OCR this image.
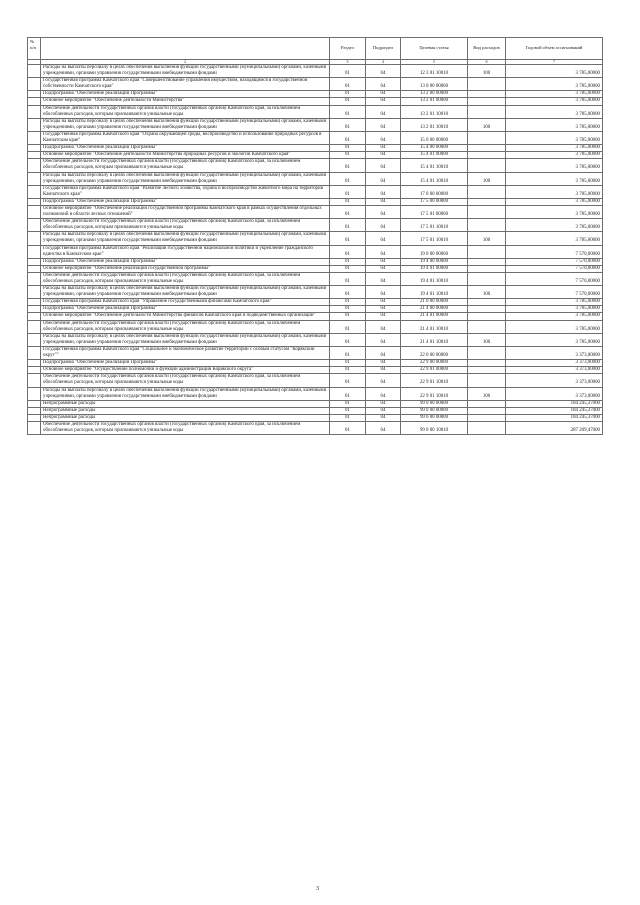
№ п/п		Раздел	Подраздел	Целевая статья	Вид расходов	Годовой объем ассигнований
	2	3	4	5	6	7
	Расходы на выплаты персоналу в целях обеспечения выполнения функций государственными (муниципальными) органами, казенными учреждениями, органами управления государственными внебюджетными фондами	01	04	12 3 01 10010	100	3 785,00000
	Государственная программа Камчатского края "Совершенствование управления имуществом, находящимся в государственной собственности Камчатского края"	01	04	13 0 00 00000		3 785,00000
	Подпрограмма "Обеспечение реализации Программы"	01	04	13 2 00 00000		3 785,00000
	Основное мероприятие "Обеспечение деятельности Министерства"	01	04	13 2 01 00000		3 785,00000
	Обеспечение деятельности государственных органов власти (государственных органов) Камчатского края, за исключением обособленных расходов, которым присваиваются уникальные коды	01	04	13 2 01 10010		3 785,00000
	Расходы на выплаты персоналу в целях обеспечения выполнения функций государственными (муниципальными) органами, казенными учреждениями, органами управления государственными внебюджетными фондами	01	04	13 2 01 10010	100	3 785,00000
	Государственная программа Камчатского края "Охрана окружающей среды, воспроизводство и использование природных ресурсов в Камчатском крае"	01	04	15 0 00 00000		3 785,00000
	Подпрограмма "Обеспечение реализации Программы"	01	04	15 4 00 00000		3 785,00000
	Основное мероприятие "Обеспечение деятельности Министерства природных ресурсов и экологии Камчатского края"	01	04	15 4 01 00000		3 785,00000
	Обеспечение деятельности государственных органов власти (государственных органов) Камчатского края, за исключением обособленных расходов, которым присваиваются уникальные коды	01	04	15 4 01 10010		3 785,00000
	Расходы на выплаты персоналу в целях обеспечения выполнения функций государственными (муниципальными) органами, казенными учреждениями, органами управления государственными внебюджетными фондами	01	04	15 4 01 10010	100	3 785,00000
	Государственная программа Камчатского края "Развитие лесного хозяйства, охрана и воспроизводство животного мира на территории Камчатского края"	01	04	17 0 00 00000		3 785,00000
	Подпрограмма "Обеспечение реализации Программы"	01	04	17 5 00 00000		3 785,00000
	Основное мероприятие "Обеспечение реализации государственной программы Камчатского края в рамках осуществления отдельных полномочий в области лесных отношений"	01	04	17 5 01 00000		3 785,00000
	Обеспечение деятельности государственных органов власти (государственных органов) Камчатского края, за исключением обособленных расходов, которым присваиваются уникальные коды	01	04	17 5 01 10010		3 785,00000
	Расходы на выплаты персоналу в целях обеспечения выполнения функций государственными (муниципальными) органами, казенными учреждениями, органами управления государственными внебюджетными фондами	01	04	17 5 01 10010	100	3 785,00000
	Государственная программа Камчатского края "Реализация государственной национальной политики и укрепление гражданского единства в Камчатском крае"	01	04	19 0 00 00000		7 570,00000
	Подпрограмма "Обеспечение реализации Программы"	01	04	19 4 00 00000		7 570,00000
	Основное мероприятие "Обеспечение реализации государственной программы"	01	04	19 4 01 00000		7 570,00000
	Обеспечение деятельности государственных органов власти (государственных органов) Камчатского края, за исключением обособленных расходов, которым присваиваются уникальные коды	01	04	19 4 01 10010		7 570,00000
	Расходы на выплаты персоналу в целях обеспечения выполнения функций государственными (муниципальными) органами, казенными учреждениями, органами управления государственными внебюджетными фондами	01	04	19 4 01 10010	100	7 570,00000
	Государственная программа Камчатского края "Управление государственными финансами Камчатского края"	01	04	21 0 00 00000		3 785,00000
	Подпрограмма "Обеспечение реализации Программы"	01	04	21 4 00 00000		3 785,00000
	Основное мероприятие "Обеспечение деятельности Министерства финансов Камчатского края и подведомственных организаций"	01	04	21 4 01 00000		3 785,00000
	Обеспечение деятельности государственных органов власти (государственных органов) Камчатского края, за исключением обособленных расходов, которым присваиваются уникальные коды	01	04	21 4 01 10010		3 785,00000
	Расходы на выплаты персоналу в целях обеспечения выполнения функций государственными (муниципальными) органами, казенными учреждениями, органами управления государственными внебюджетными фондами	01	04	21 4 01 10010	100	3 785,00000
	Государственная программа Камчатского края "Социальное и экономическое развитие территории с особым статусом "Корякский округ""	01	04	22 0 00 00000		3 373,00000
	Подпрограмма "Обеспечение реализации Программы"	01	04	22 9 00 00000		3 373,00000
	Основное мероприятие "Осуществление полномочий и функций администрации Корякского округа"	01	04	22 9 01 00000		3 373,00000
	Обеспечение деятельности государственных органов власти (государственных органов) Камчатского края, за исключением обособленных расходов, которым присваиваются уникальные коды	01	04	22 9 01 10010		3 373,00000
	Расходы на выплаты персоналу в целях обеспечения выполнения функций государственными (муниципальными) органами, казенными учреждениями, органами управления государственными внебюджетными фондами	01	04	22 9 01 10010	100	3 373,00000
	Непрограммные расходы	01	04	99 0 00 00000		184 245,37000
	Непрограммные расходы	01	04	99 0 00 00000		184 245,37000
	Непрограммные расходы	01	04	99 0 00 00000		184 245,37000
	Обеспечение деятельности государственных органов власти (государственных органов) Камчатского края, за исключением обособленных расходов, которым присваиваются уникальные коды	01	04	99 0 00 10010		287 209,47000
3
